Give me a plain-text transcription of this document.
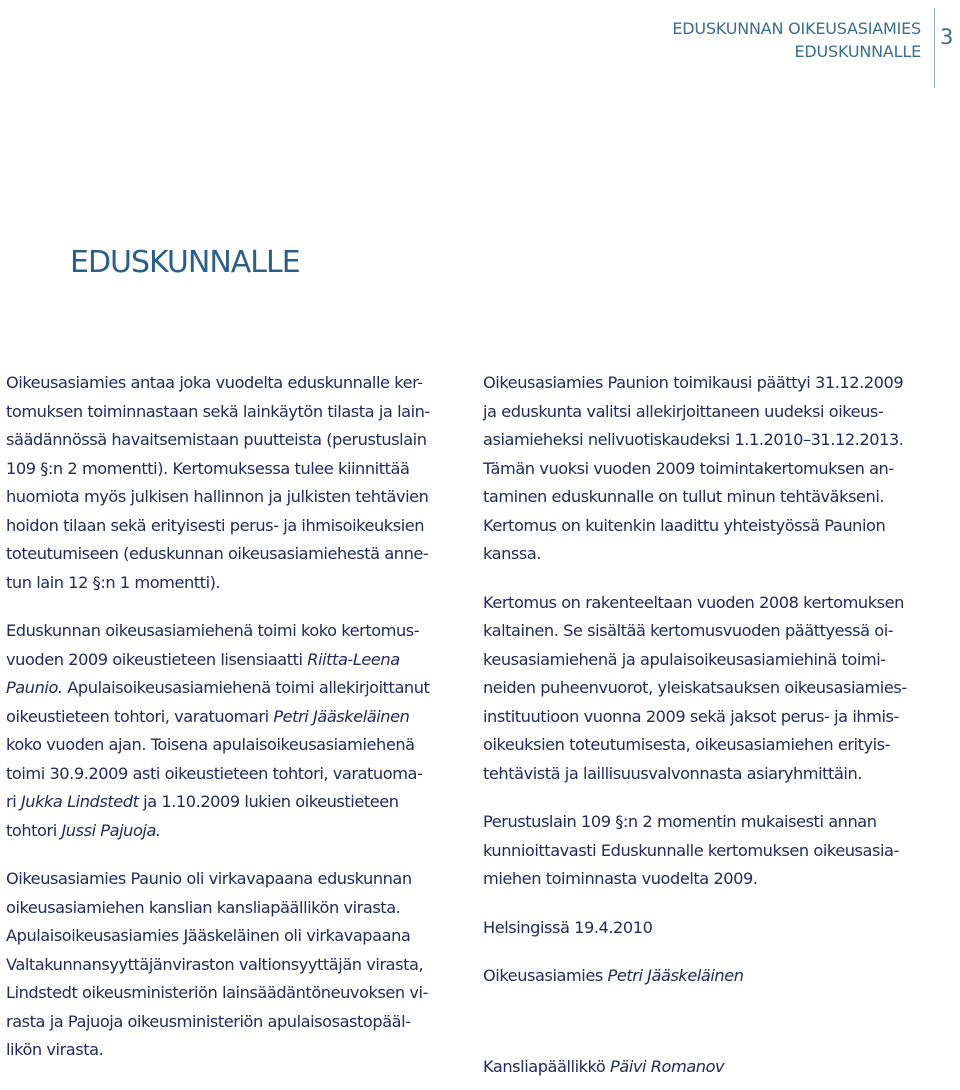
EDUSKUNNAN OIKEUSASIAMIES
EDUSKUNNALLE
3
EDUSKUNNALLE

Oikeusasiamies antaa joka vuodelta eduskunnalle ker-
tomuksen toiminnastaan sekä lainkäytön tilasta ja lain-
säädännössä havaitsemistaan puutteista (perustuslain
109 §:n 2 momentti). Kertomuksessa tulee kiinnittää
huomiota myös julkisen hallinnon ja julkisten tehtävien
hoidon tilaan sekä erityisesti perus- ja ihmisoikeuksien
toteutumiseen (eduskunnan oikeusasiamiehestä anne-
tun lain 12 §:n 1 momentti).

Eduskunnan oikeusasiamiehenä toimi koko kertomus-
vuoden 2009 oikeustieteen lisensiaatti Riitta-Leena
Paunio. Apulaisoikeusasiamiehenä toimi allekirjoittanut
oikeustieteen tohtori, varatuomari Petri Jääskeläinen
koko vuoden ajan. Toisena apulaisoikeusasiamiehenä
toimi 30.9.2009 asti oikeustieteen tohtori, varatuoma-
ri Jukka Lindstedt ja 1.10.2009 lukien oikeustieteen
tohtori Jussi Pajuoja.

Oikeusasiamies Paunio oli virkavapaana eduskunnan
oikeusasiamiehen kanslian kansliapäällikön virasta.
Apulaisoikeusasiamies Jääskeläinen oli virkavapaana
Valtakunnansyyttäjänviraston valtionsyyttäjän virasta,
Lindstedt oikeusministeriön lainsäädäntöneuvoksen vi-
rasta ja Pajuoja oikeusministeriön apulaisosastopääl-
likön virasta.

Oikeusasiamies Paunion toimikausi päättyi 31.12.2009
ja eduskunta valitsi allekirjoittaneen uudeksi oikeus-
asiamieheksi nelivuotiskaudeksi 1.1.2010–31.12.2013.
Tämän vuoksi vuoden 2009 toimintakertomuksen an-
taminen eduskunnalle on tullut minun tehtäväkseni.
Kertomus on kuitenkin laadittu yhteistyössä Paunion
kanssa.

Kertomus on rakenteeltaan vuoden 2008 kertomuksen
kaltainen. Se sisältää kertomusvuoden päättyessä oi-
keusasiamiehenä ja apulaisoikeusasiamiehinä toimi-
neiden puheenvuorot, yleiskatsauksen oikeusasiamies-
instituutioon vuonna 2009 sekä jaksot perus- ja ihmis-
oikeuksien toteutumisesta, oikeusasiamiehen erityis-
tehtävistä ja laillisuusvalvonnasta asiaryhmittäin.

Perustuslain 109 §:n 2 momentin mukaisesti annan
kunnioittavasti Eduskunnalle kertomuksen oikeusasia-
miehen toiminnasta vuodelta 2009.

Helsingissä 19.4.2010

Oikeusasiamies Petri Jääskeläinen

Kansliapäällikkö Päivi Romanov
